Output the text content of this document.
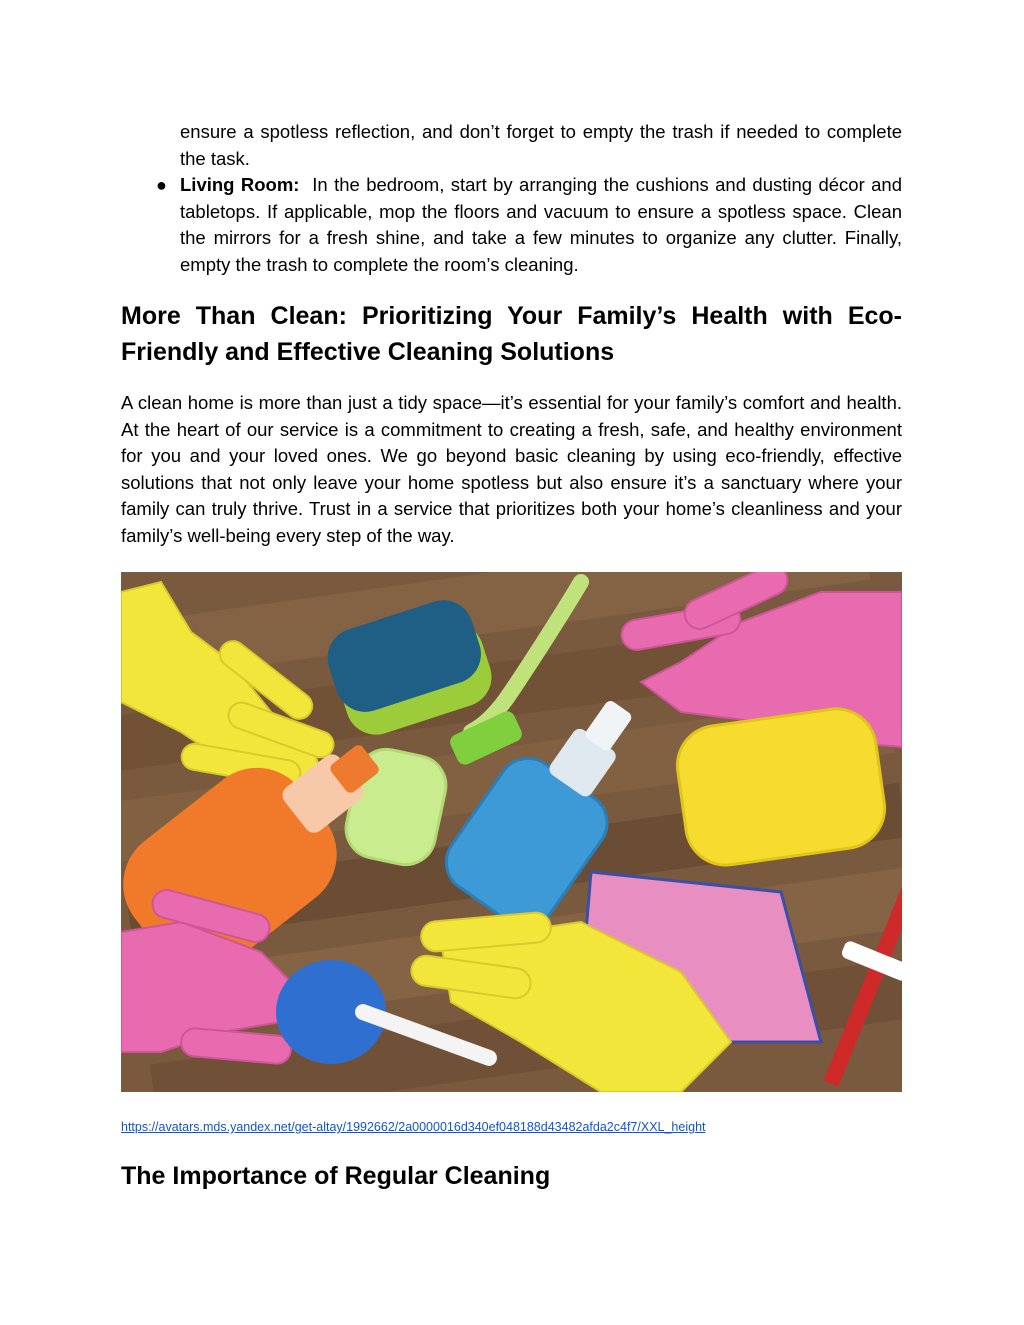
ensure a spotless reflection, and don’t forget to empty the trash if needed to complete the task.

● Living Room: In the bedroom, start by arranging the cushions and dusting décor and tabletops. If applicable, mop the floors and vacuum to ensure a spotless space. Clean the mirrors for a fresh shine, and take a few minutes to organize any clutter. Finally, empty the trash to complete the room’s cleaning.

More Than Clean: Prioritizing Your Family’s Health with Eco-Friendly and Effective Cleaning Solutions

A clean home is more than just a tidy space—it’s essential for your family’s comfort and health. At the heart of our service is a commitment to creating a fresh, safe, and healthy environment for you and your loved ones. We go beyond basic cleaning by using eco-friendly, effective solutions that not only leave your home spotless but also ensure it’s a sanctuary where your family can truly thrive. Trust in a service that prioritizes both your home’s cleanliness and your family’s well-being every step of the way.

https://avatars.mds.yandex.net/get-altay/1992662/2a0000016d340ef048188d43482afda2c4f7/XXL_height
The Importance of Regular Cleaning
